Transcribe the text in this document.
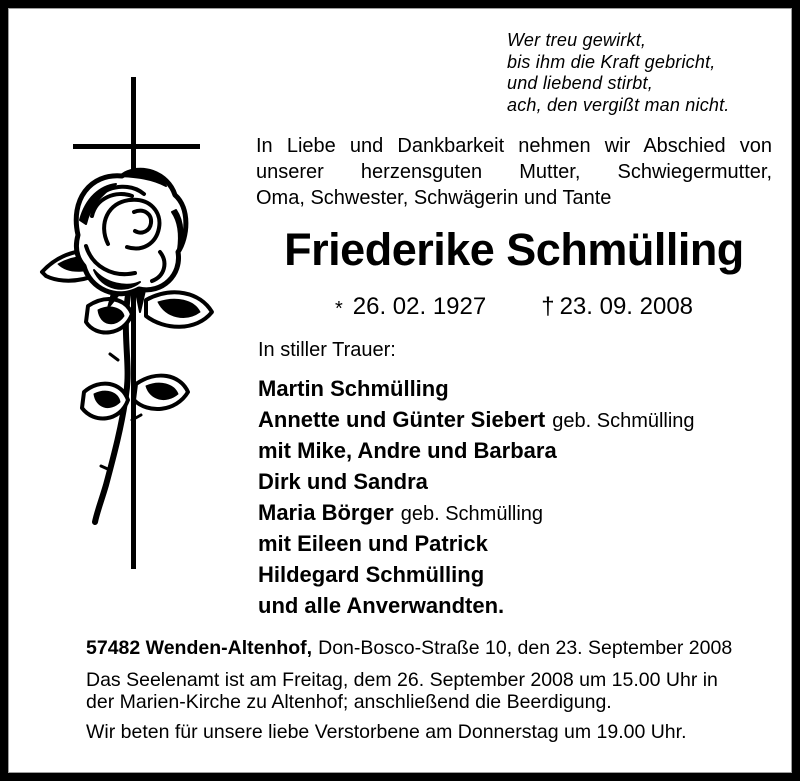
Wer treu gewirkt,
bis ihm die Kraft gebricht,
und liebend stirbt,
ach, den vergißt man nicht.
In Liebe und Dankbarkeit nehmen wir Abschied von
unserer herzensguten Mutter, Schwiegermutter,
Oma, Schwester, Schwägerin und Tante
Friederike Schmülling
* 26. 02. 1927 † 23. 09. 2008
In stiller Trauer:
Martin Schmülling
Annette und Günter Siebert geb. Schmülling
mit Mike, Andre und Barbara
Dirk und Sandra
Maria Börger geb. Schmülling
mit Eileen und Patrick
Hildegard Schmülling
und alle Anverwandten.
57482 Wenden-Altenhof, Don-Bosco-Straße 10, den 23. September 2008
Das Seelenamt ist am Freitag, dem 26. September 2008 um 15.00 Uhr in
der Marien-Kirche zu Altenhof; anschließend die Beerdigung.
Wir beten für unsere liebe Verstorbene am Donnerstag um 19.00 Uhr.
